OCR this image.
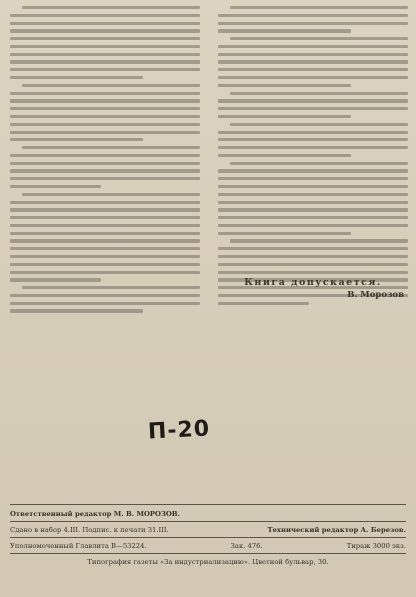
Книга допускается.
В. Морозов
П-20
Ответственный редактор М. В. МОРОЗОВ.
Сдано в набор 4.III. Подпис. к печати 31.III.	Технический редактор А. Березов.
Уполномоченный Главлита В—53224.	Зак. 476.	Тираж 3000 экз.
Типография газеты «За индустриализацию». Цветной бульвар, 30.
